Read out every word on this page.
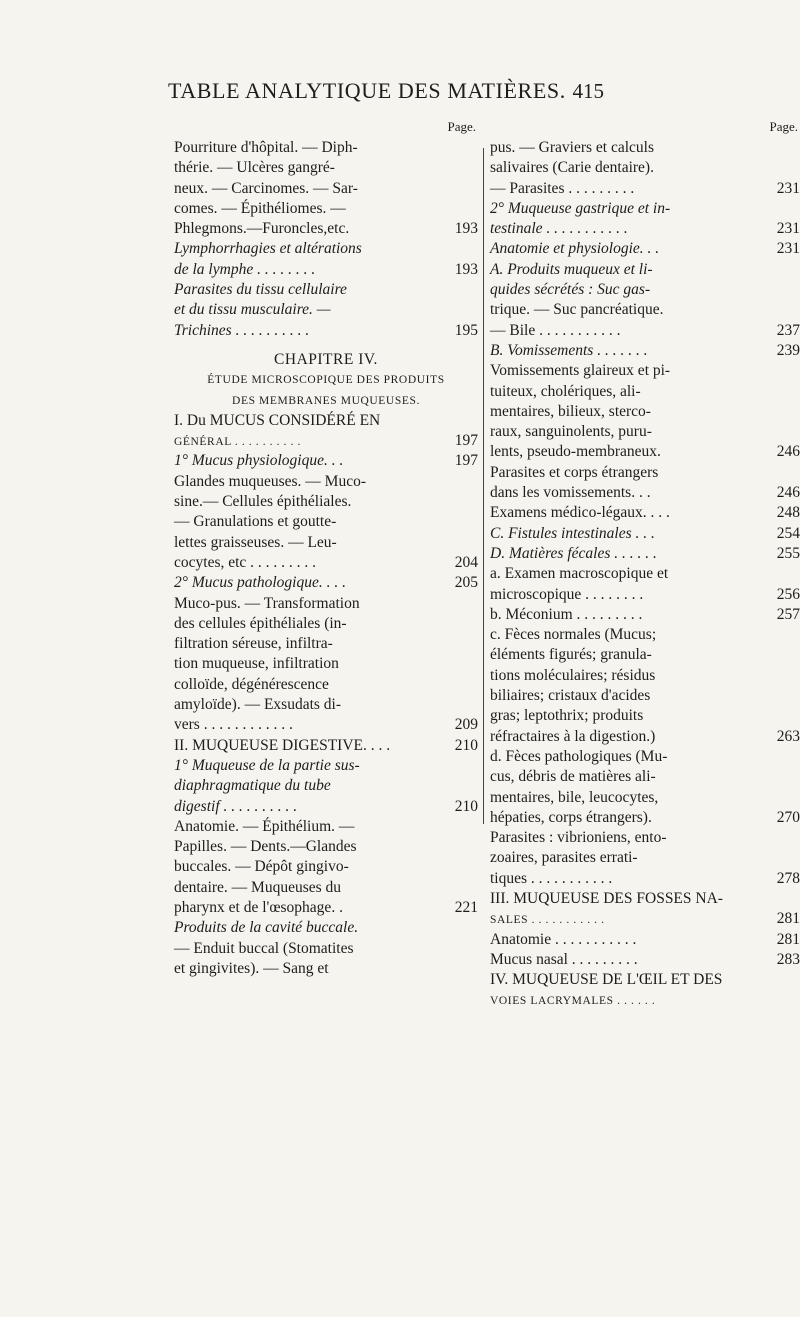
TABLE ANALYTIQUE DES MATIÈRES. 415
Page.
Pourriture d'hôpital. — Diph-
thérie. — Ulcères gangré-
neux. — Carcinomes. — Sar-
comes. — Épithéliomes. —
Phlegmons.—Furoncles,etc.	193
Lymphorrhagies et altérations
de la lymphe . . . . . . . .	193
Parasites du tissu cellulaire
et du tissu musculaire. —
Trichines . . . . . . . . . .	195
CHAPITRE IV.
ÉTUDE MICROSCOPIQUE DES PRODUITS
DES MEMBRANES MUQUEUSES.
I. Du MUCUS CONSIDÉRÉ EN
GÉNÉRAL . . . . . . . . . .	197
1° Mucus physiologique. . .	197
Glandes muqueuses. — Muco-
sine.— Cellules épithéliales.
— Granulations et goutte-
lettes graisseuses. — Leu-
cocytes, etc . . . . . . . . .	204
2° Mucus pathologique. . . .	205
Muco-pus. — Transformation
des cellules épithéliales (in-
filtration séreuse, infiltra-
tion muqueuse, infiltration
colloïde, dégénérescence
amyloïde). — Exsudats di-
vers . . . . . . . . . . . .	209
II. MUQUEUSE DIGESTIVE. . . .	210
1° Muqueuse de la partie sus-
diaphragmatique du tube
digestif . . . . . . . . . .	210
Anatomie. — Épithélium. —
Papilles. — Dents.—Glandes
buccales. — Dépôt gingivo-
dentaire. — Muqueuses du
pharynx et de l'œsophage. .	221
Produits de la cavité buccale.
— Enduit buccal (Stomatites
et gingivites). — Sang et
Page.
pus. — Graviers et calculs
salivaires (Carie dentaire).
— Parasites . . . . . . . . .	231
2° Muqueuse gastrique et in-
testinale . . . . . . . . . . .	231
Anatomie et physiologie. . .	231
A. Produits muqueux et li-
quides sécrétés : Suc gas-
trique. — Suc pancréatique.
— Bile . . . . . . . . . . .	237
B. Vomissements . . . . . . .	239
Vomissements glaireux et pi-
tuiteux, cholériques, ali-
mentaires, bilieux, sterco-
raux, sanguinolents, puru-
lents, pseudo-membraneux.	246
Parasites et corps étrangers
dans les vomissements. . .	246
Examens médico-légaux. . . .	248
C. Fistules intestinales . . .	254
D. Matières fécales . . . . . .	255
a. Examen macroscopique et
microscopique . . . . . . . .	256
b. Méconium . . . . . . . . .	257
c. Fèces normales (Mucus;
éléments figurés; granula-
tions moléculaires; résidus
biliaires; cristaux d'acides
gras; leptothrix; produits
réfractaires à la digestion.)	263
d. Fèces pathologiques (Mu-
cus, débris de matières ali-
mentaires, bile, leucocytes,
hépaties, corps étrangers).	270
Parasites : vibrioniens, ento-
zoaires, parasites errati-
tiques . . . . . . . . . . .	278
III. MUQUEUSE DES FOSSES NA-
SALES . . . . . . . . . . .	281
Anatomie . . . . . . . . . . .	281
Mucus nasal . . . . . . . . .	283
IV. MUQUEUSE DE L'ŒIL ET DES
VOIES LACRYMALES . . . . . .
